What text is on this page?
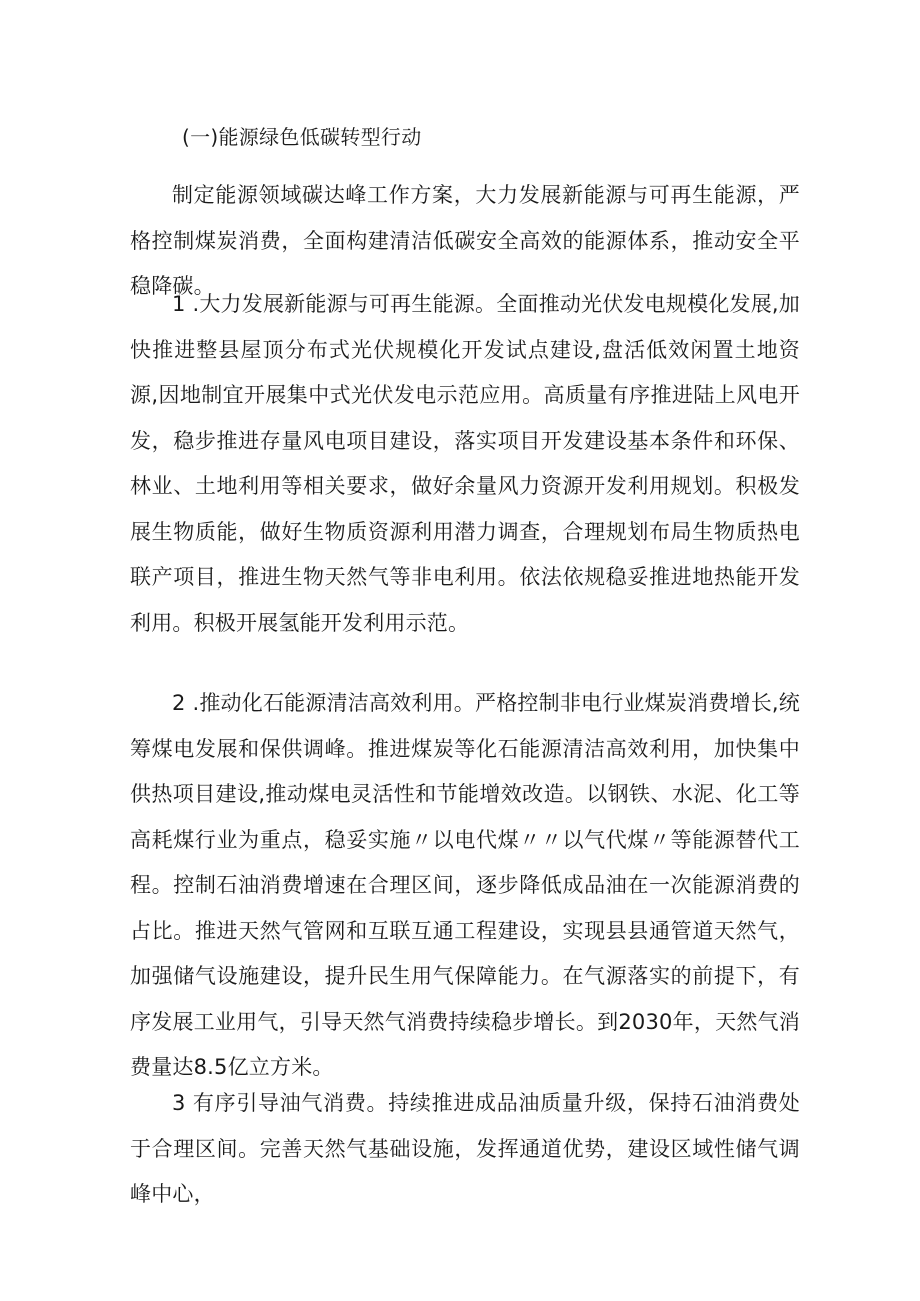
(一)能源绿色低碳转型行动

制定能源领域碳达峰工作方案，大力发展新能源与可再生能源，严格控制煤炭消费，全面构建清洁低碳安全高效的能源体系，推动安全平稳降碳。

1 .大力发展新能源与可再生能源。全面推动光伏发电规模化发展,加快推进整县屋顶分布式光伏规模化开发试点建设,盘活低效闲置土地资源,因地制宜开展集中式光伏发电示范应用。高质量有序推进陆上风电开发，稳步推进存量风电项目建设，落实项目开发建设基本条件和环保、林业、土地利用等相关要求，做好余量风力资源开发利用规划。积极发展生物质能，做好生物质资源利用潜力调查，合理规划布局生物质热电联产项目，推进生物天然气等非电利用。依法依规稳妥推进地热能开发利用。积极开展氢能开发利用示范。

2 .推动化石能源清洁高效利用。严格控制非电行业煤炭消费增长,统筹煤电发展和保供调峰。推进煤炭等化石能源清洁高效利用，加快集中供热项目建设,推动煤电灵活性和节能增效改造。以钢铁、水泥、化工等高耗煤行业为重点，稳妥实施〃以电代煤〃〃以气代煤〃等能源替代工程。控制石油消费增速在合理区间，逐步降低成品油在一次能源消费的占比。推进天然气管网和互联互通工程建设，实现县县通管道天然气，加强储气设施建设，提升民生用气保障能力。在气源落实的前提下，有序发展工业用气，引导天然气消费持续稳步增长。到2030年，天然气消费量达8.5亿立方米。

3 有序引导油气消费。持续推进成品油质量升级，保持石油消费处于合理区间。完善天然气基础设施，发挥通道优势，建设区域性储气调峰中心，
